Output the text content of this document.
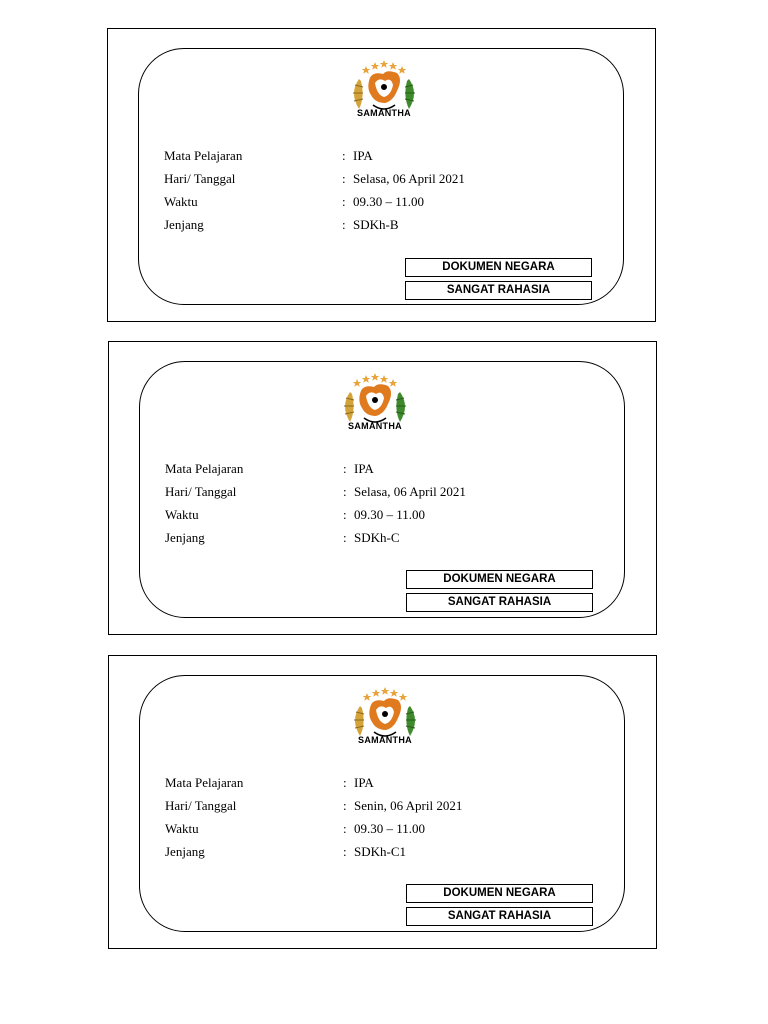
SAMANTHA
Mata Pelajaran	: IPA
Hari/ Tanggal	: Selasa, 06 April 2021
Waktu	: 09.30 – 11.00
Jenjang	: SDKh-B
DOKUMEN NEGARA
SANGAT RAHASIA
SAMANTHA
Mata Pelajaran	: IPA
Hari/ Tanggal	: Selasa, 06 April 2021
Waktu	: 09.30 – 11.00
Jenjang	: SDKh-C
DOKUMEN NEGARA
SANGAT RAHASIA
SAMANTHA
Mata Pelajaran	: IPA
Hari/ Tanggal	: Senin, 06 April 2021
Waktu	: 09.30 – 11.00
Jenjang	: SDKh-C1
DOKUMEN NEGARA
SANGAT RAHASIA
